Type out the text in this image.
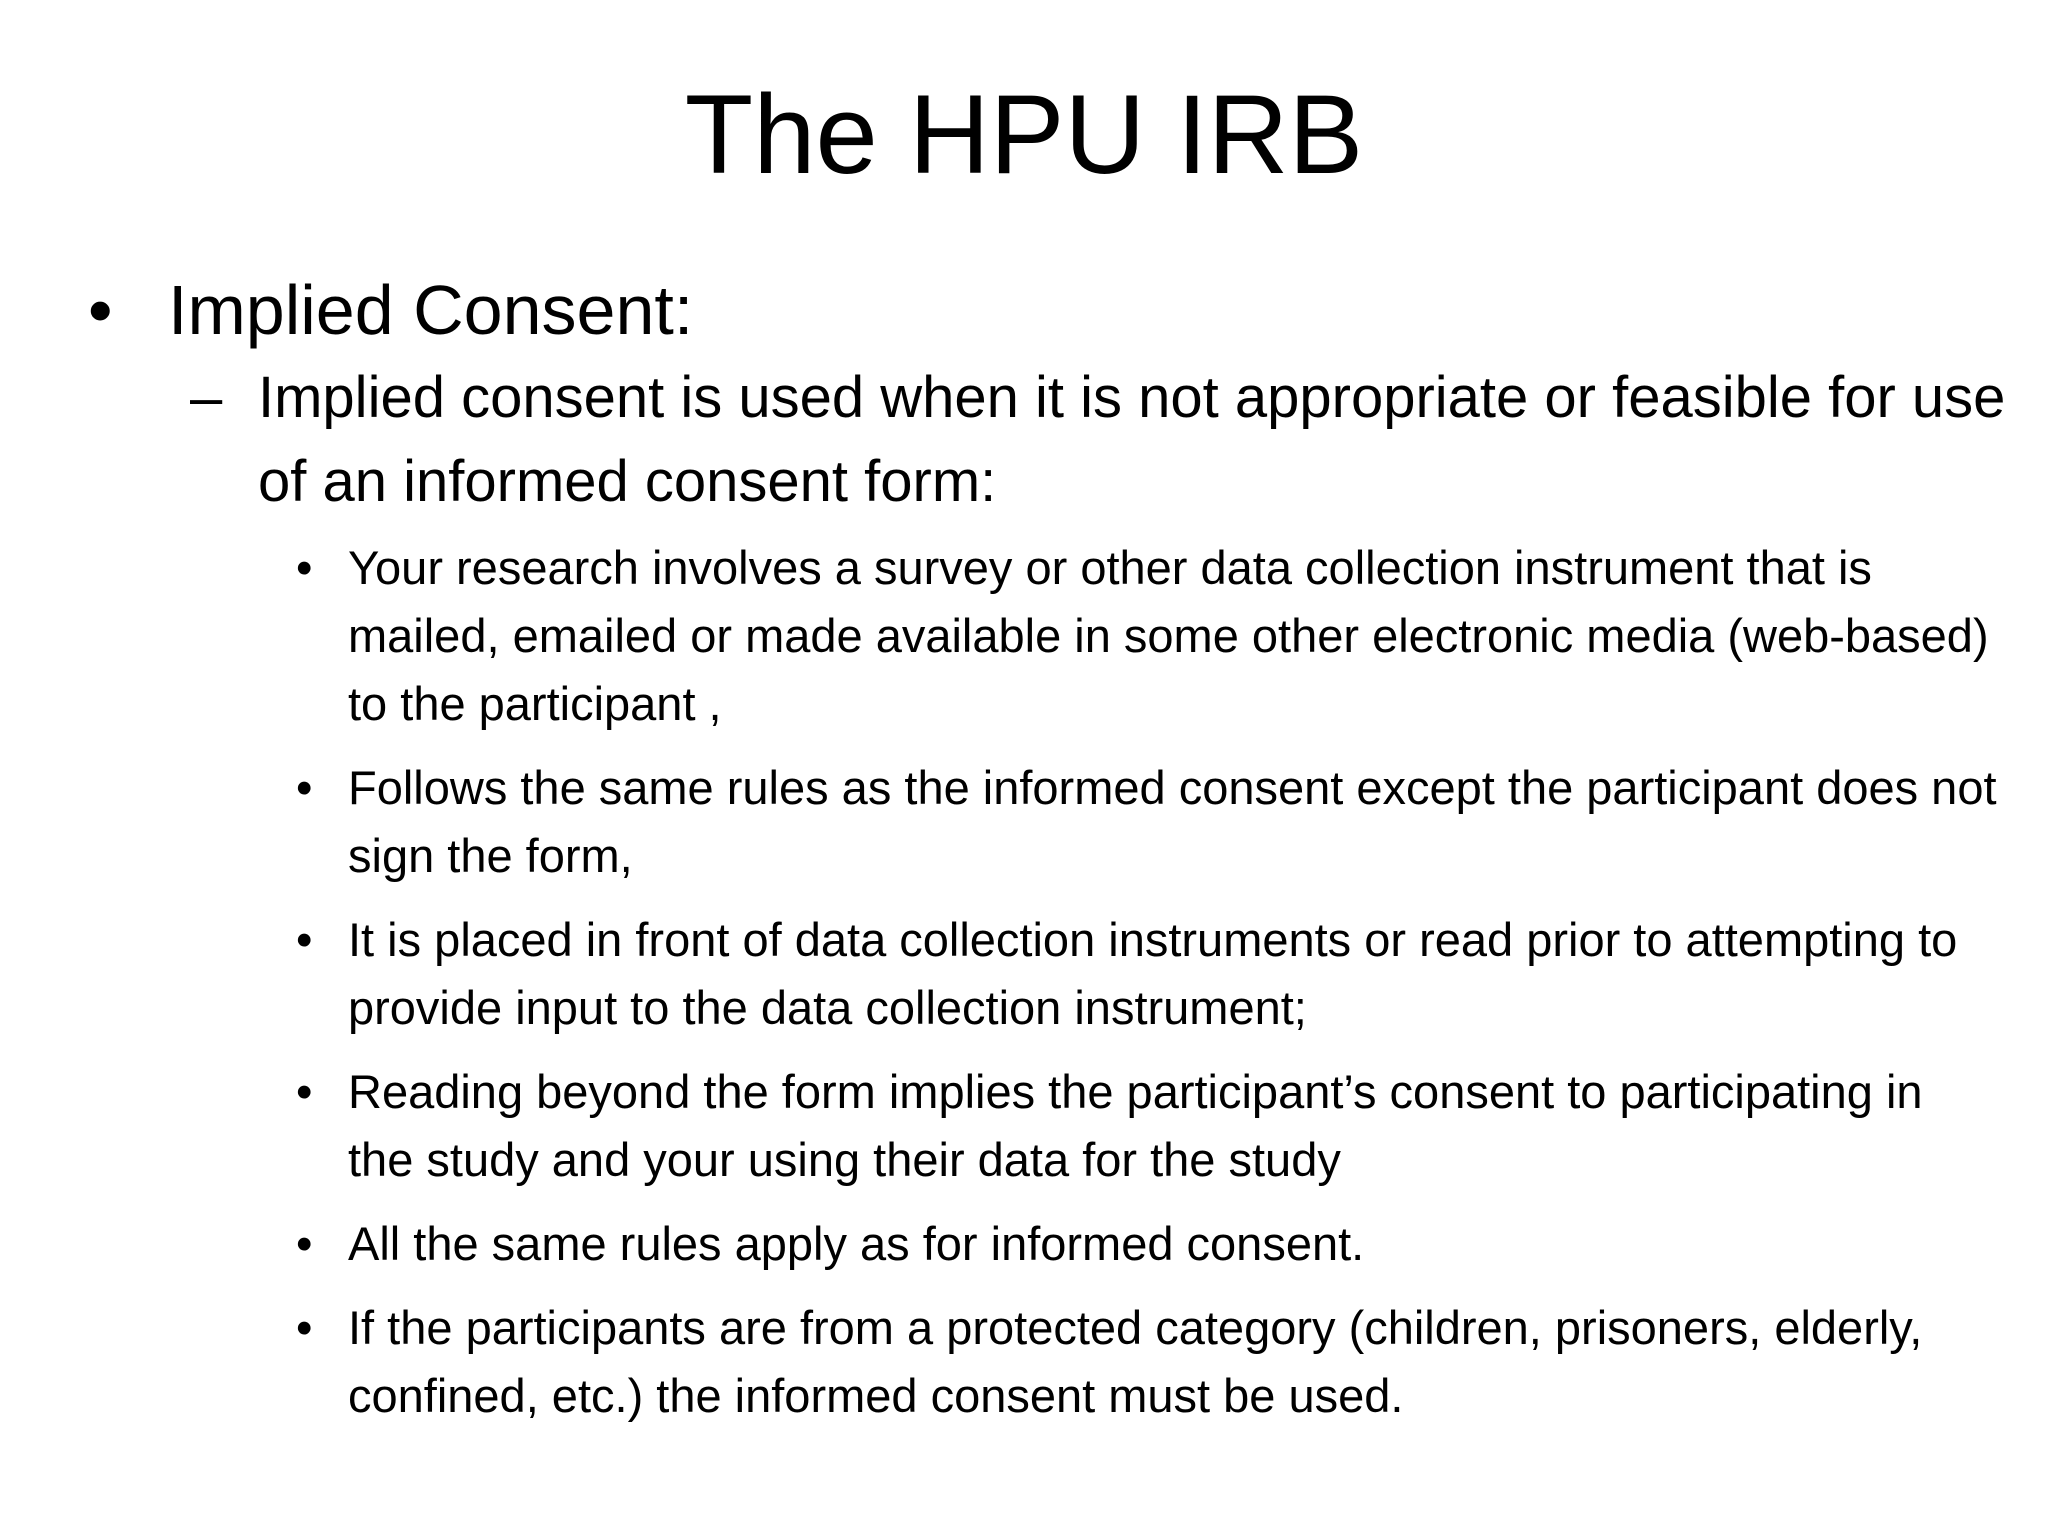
The HPU IRB
• Implied Consent:
– Implied consent is used when it is not appropriate or feasible for use of an informed consent form:
• Your research involves a survey or other data collection instrument that is mailed, emailed or made available in some other electronic media (web-based) to the participant ,
• Follows the same rules as the informed consent except the participant does not sign the form,
• It is placed in front of data collection instruments or read prior to attempting to provide input to the data collection instrument;
• Reading beyond the form implies the participant’s consent to participating in the study and your using their data for the study
• All the same rules apply as for informed consent.
• If the participants are from a protected category (children, prisoners, elderly, confined, etc.) the informed consent must be used.
